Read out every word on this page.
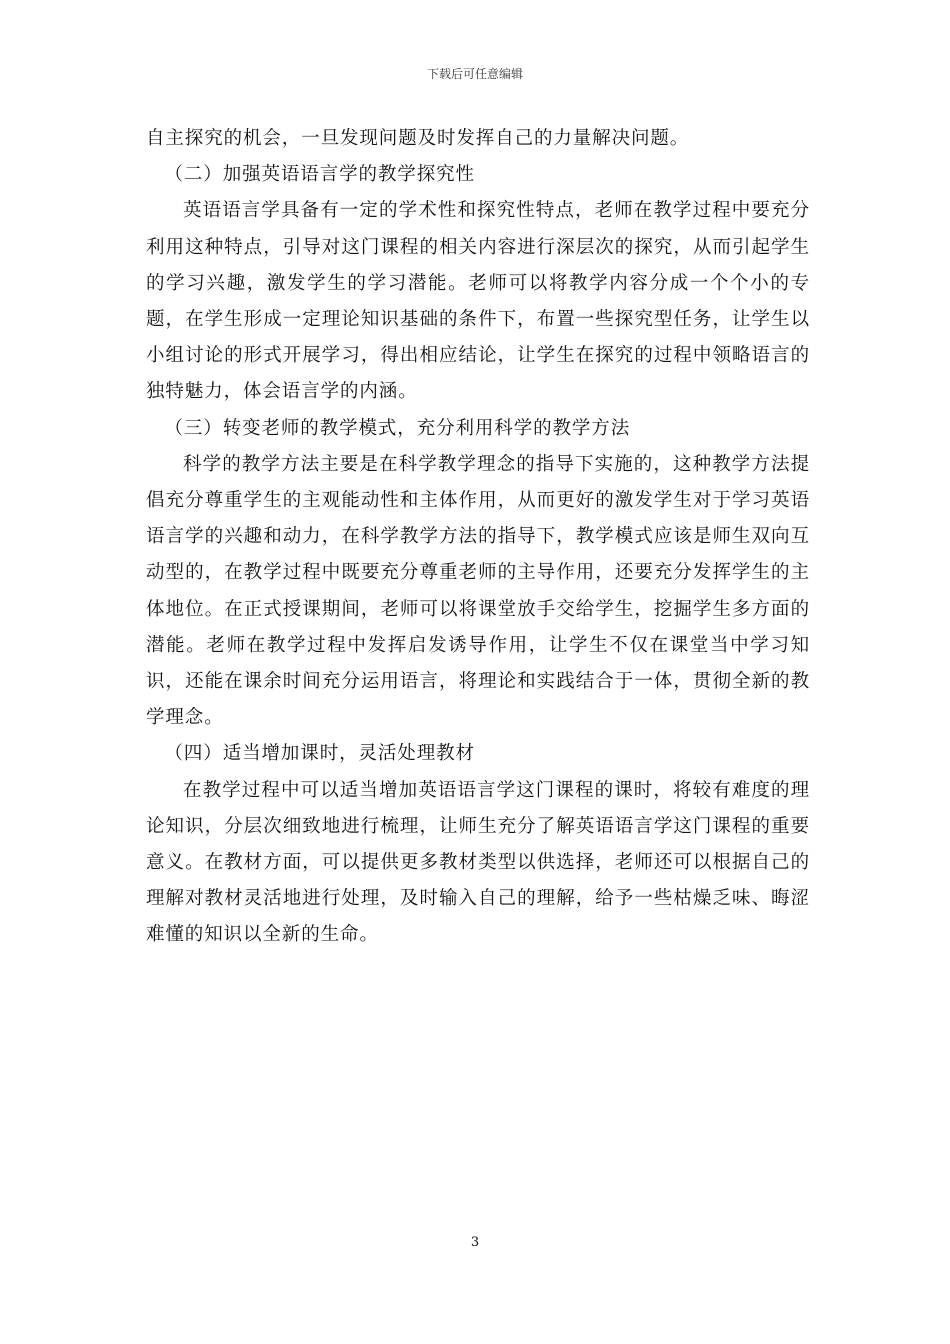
下载后可任意编辑

自主探究的机会，一旦发现问题及时发挥自己的力量解决问题。

（二）加强英语语言学的教学探究性

英语语言学具备有一定的学术性和探究性特点，老师在教学过程中要充分利用这种特点，引导对这门课程的相关内容进行深层次的探究，从而引起学生的学习兴趣，激发学生的学习潜能。老师可以将教学内容分成一个个小的专题，在学生形成一定理论知识基础的条件下，布置一些探究型任务，让学生以小组讨论的形式开展学习，得出相应结论，让学生在探究的过程中领略语言的独特魅力，体会语言学的内涵。

（三）转变老师的教学模式，充分利用科学的教学方法

科学的教学方法主要是在科学教学理念的指导下实施的，这种教学方法提倡充分尊重学生的主观能动性和主体作用，从而更好的激发学生对于学习英语语言学的兴趣和动力，在科学教学方法的指导下，教学模式应该是师生双向互动型的，在教学过程中既要充分尊重老师的主导作用，还要充分发挥学生的主体地位。在正式授课期间，老师可以将课堂放手交给学生，挖掘学生多方面的潜能。老师在教学过程中发挥启发诱导作用，让学生不仅在课堂当中学习知识，还能在课余时间充分运用语言，将理论和实践结合于一体，贯彻全新的教学理念。

（四）适当增加课时，灵活处理教材

在教学过程中可以适当增加英语语言学这门课程的课时，将较有难度的理论知识，分层次细致地进行梳理，让师生充分了解英语语言学这门课程的重要意义。在教材方面，可以提供更多教材类型以供选择，老师还可以根据自己的理解对教材灵活地进行处理，及时输入自己的理解，给予一些枯燥乏味、晦涩难懂的知识以全新的生命。

3
